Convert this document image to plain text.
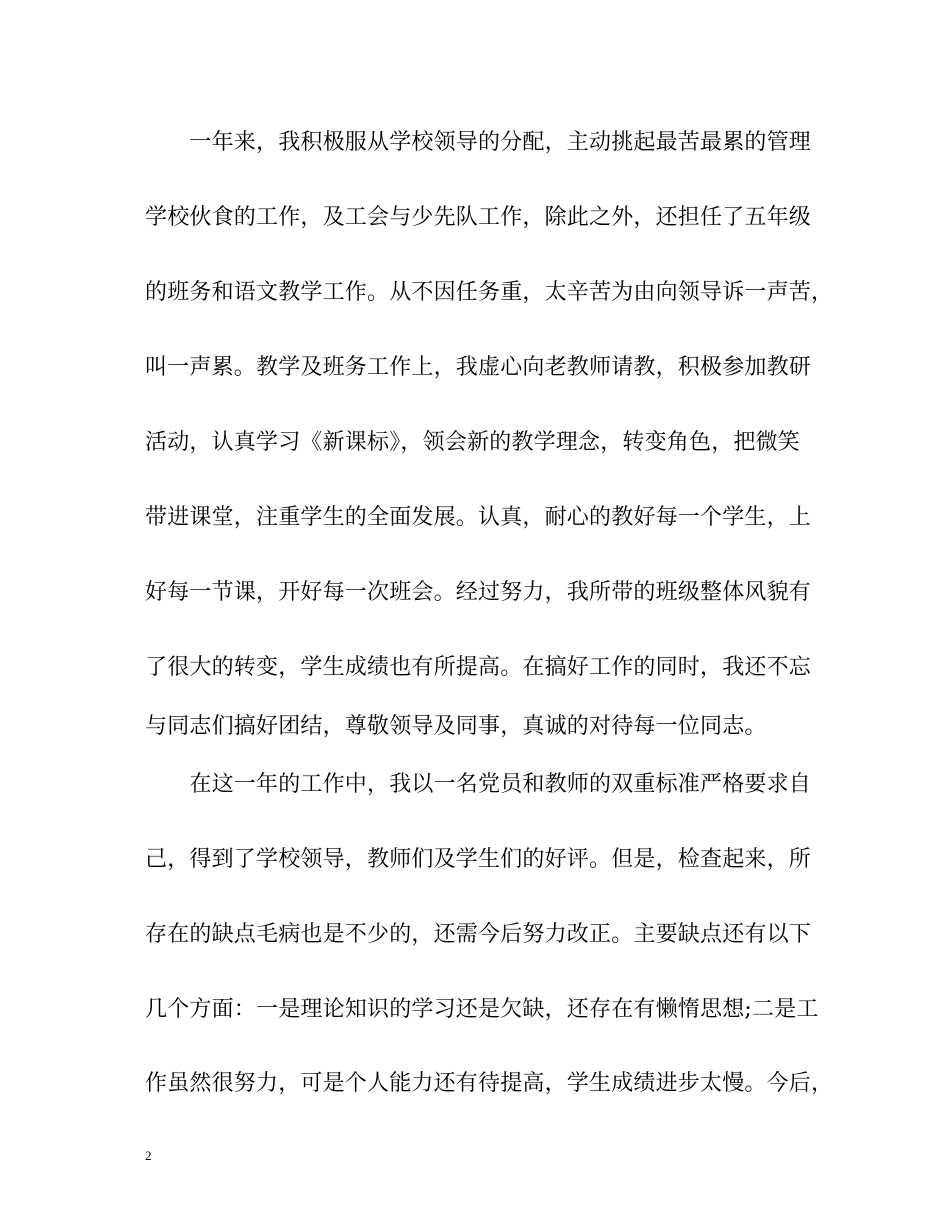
　　一年来，我积极服从学校领导的分配，主动挑起最苦最累的管理
学校伙食的工作，及工会与少先队工作，除此之外，还担任了五年级
的班务和语文教学工作。从不因任务重，太辛苦为由向领导诉一声苦，
叫一声累。教学及班务工作上，我虚心向老教师请教，积极参加教研
活动，认真学习《新课标》，领会新的教学理念，转变角色，把微笑
带进课堂，注重学生的全面发展。认真，耐心的教好每一个学生，上
好每一节课，开好每一次班会。经过努力，我所带的班级整体风貌有
了很大的转变，学生成绩也有所提高。在搞好工作的同时，我还不忘
与同志们搞好团结，尊敬领导及同事，真诚的对待每一位同志。
　　在这一年的工作中，我以一名党员和教师的双重标准严格要求自
己，得到了学校领导，教师们及学生们的好评。但是，检查起来，所
存在的缺点毛病也是不少的，还需今后努力改正。主要缺点还有以下
几个方面：一是理论知识的学习还是欠缺，还存在有懒惰思想;二是工
作虽然很努力，可是个人能力还有待提高，学生成绩进步太慢。今后，
2
